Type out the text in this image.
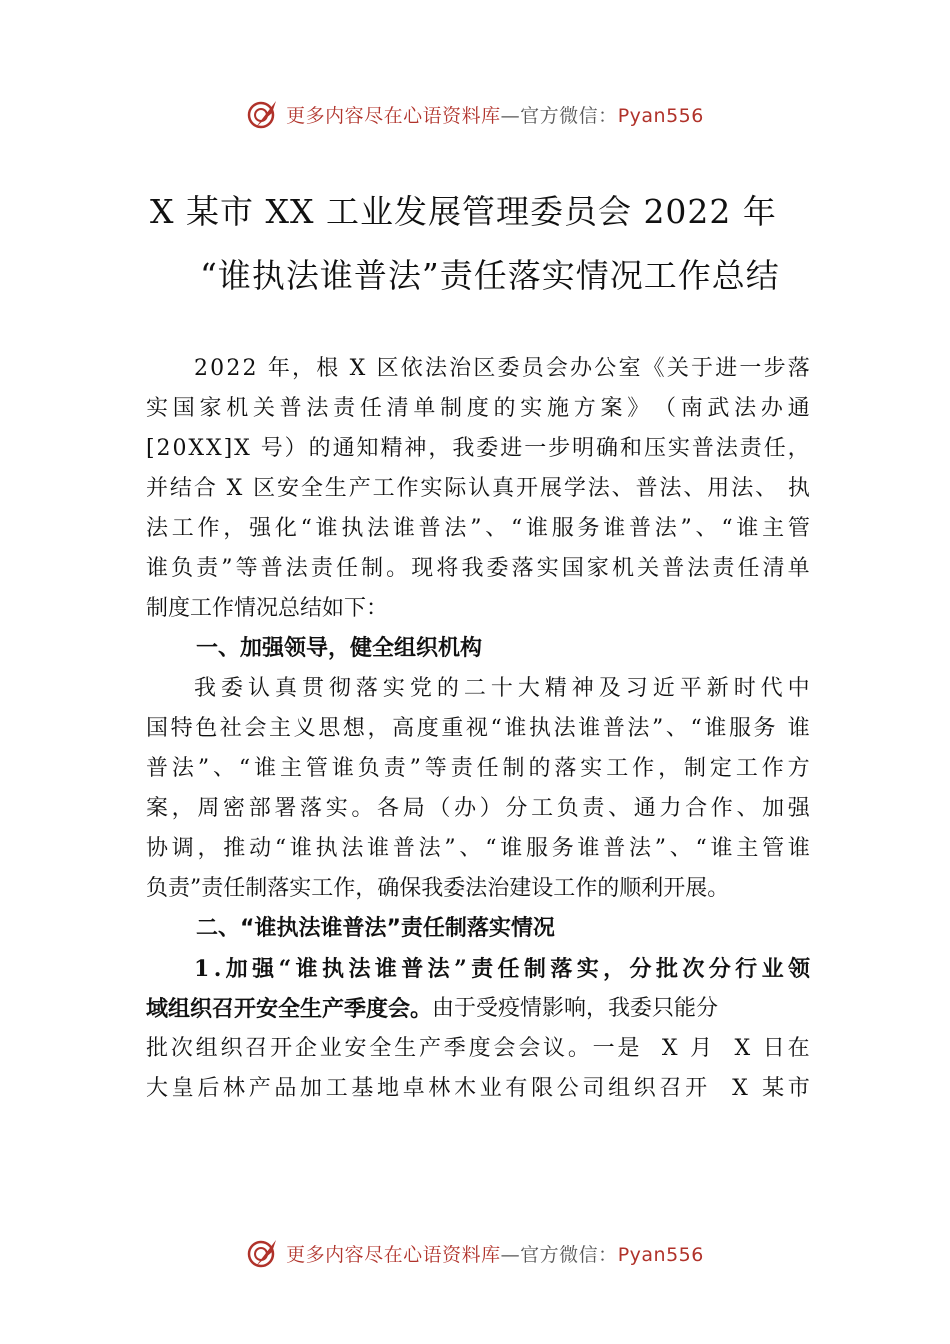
更多内容尽在心语资料库—官方微信：Pyan556
X 某市 XX 工业发展管理委员会 2022 年
“谁执法谁普法”责任落实情况工作总结
2 0 2 2
年 ， 根
X
区 依 法 治 区 委 员 会 办 公 室 《 关 于 进 一 步 落
实 国 家 机 关 普 法 责 任 清 单 制 度 的 实 施 方 案 》 （ 南 武 法 办 通
[ 2 0 X X ] X
号 ） 的 通 知 精 神 ， 我 委 进 一 步 明 确 和 压 实 普 法 责 任 ，
并 结 合
X
区 安 全 生 产 工 作 实 际 认 真 开 展 学 法 、 普 法 、 用 法 、
执
法 工 作 ， 强 化 “ 谁 执 法 谁 普 法 ” 、 “ 谁 服 务 谁 普 法 ” 、 “ 谁 主 管
谁 负 责 ” 等 普 法 责 任 制 。 现 将 我 委 落 实 国 家 机 关 普 法 责 任 清 单
制度工作情况总结如下：
一、加强领导，健全组织机构
我 委 认 真 贯 彻 落 实 党 的 二 十 大 精 神 及 习 近 平 新 时 代 中
国 特 色 社 会 主 义 思 想 ， 高 度 重 视 “ 谁 执 法 谁 普 法 ” 、 “ 谁 服 务
谁
普 法 ” 、 “ 谁 主 管 谁 负 责 ” 等 责 任 制 的 落 实 工 作 ， 制 定 工 作 方
案 ， 周 密 部 署 落 实 。 各 局 （ 办 ） 分 工 负 责 、 通 力 合 作 、 加 强
协 调 ， 推 动 “ 谁 执 法 谁 普 法 ” 、 “ 谁 服 务 谁 普 法 ” 、 “ 谁 主 管 谁
负责”责任制落实工作，确保我委法治建设工作的顺利开展。
二、“谁执法谁普法”责任制落实情况
1 . 加 强 “ 谁 执 法 谁 普 法 ” 责 任 制 落 实 ， 分 批 次 分 行 业 领
域组织召开安全生产季度会。 由于受疫情影响，我委只能分
批 次 组 织 召 开 企 业 安 全 生 产 季 度 会 会 议 。 一 是

X
月

X
日 在
大 皇 后 林 产 品 加 工 基 地 卓 林 木 业 有 限 公 司 组 织 召 开

X
某 市
更多内容尽在心语资料库—官方微信：Pyan556
